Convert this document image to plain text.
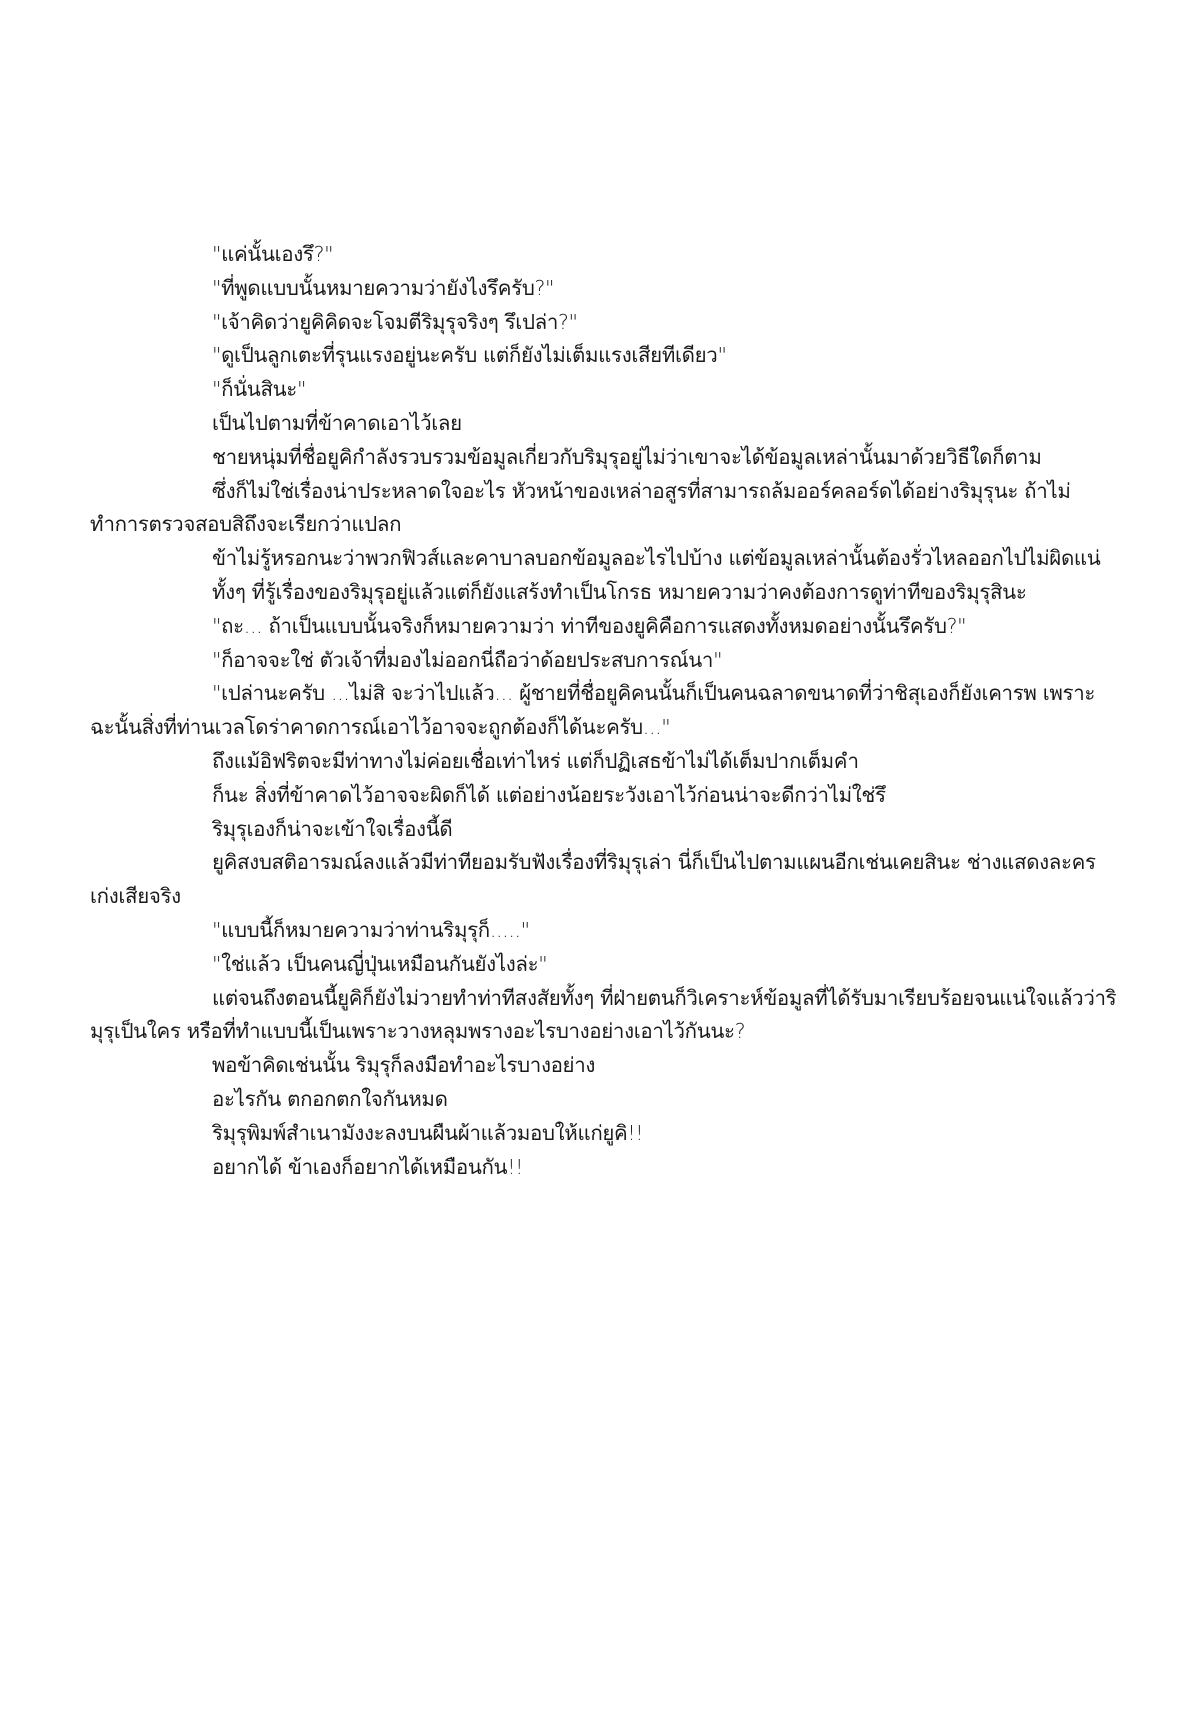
"แค่นั้นเองรึ?"

"ที่พูดแบบนั้นหมายความว่ายังไงรึครับ?"

"เจ้าคิดว่ายูคิคิดจะโจมตีริมุรุจริงๆ รึเปล่า?"

"ดูเป็นลูกเตะที่รุนแรงอยู่นะครับ แต่ก็ยังไม่เต็มแรงเสียทีเดียว"

"ก็นั่นสินะ"

เป็นไปตามที่ข้าคาดเอาไว้เลย

ชายหนุ่มที่ชื่อยูคิกำลังรวบรวมข้อมูลเกี่ยวกับริมุรุอยู่ไม่ว่าเขาจะได้ข้อมูลเหล่านั้นมาด้วยวิธีใดก็ตาม

ซึ่งก็ไม่ใช่เรื่องน่าประหลาดใจอะไร หัวหน้าของเหล่าอสูรที่สามารถล้มออร์คลอร์ดได้อย่างริมุรุนะ ถ้าไม่ทำการตรวจสอบสิถึงจะเรียกว่าแปลก

ข้าไม่รู้หรอกนะว่าพวกฟิวส์และคาบาลบอกข้อมูลอะไรไปบ้าง แต่ข้อมูลเหล่านั้นต้องรั่วไหลออกไปไม่ผิดแน่

ทั้งๆ ที่รู้เรื่องของริมุรุอยู่แล้วแต่ก็ยังแสร้งทำเป็นโกรธ หมายความว่าคงต้องการดูท่าทีของริมุรุสินะ

"ถะ... ถ้าเป็นแบบนั้นจริงก็หมายความว่า ท่าทีของยูคิคือการแสดงทั้งหมดอย่างนั้นรึครับ?"

"ก็อาจจะใช่ ตัวเจ้าที่มองไม่ออกนี่ถือว่าด้อยประสบการณ์นา"

"เปล่านะครับ ...ไม่สิ จะว่าไปแล้ว... ผู้ชายที่ชื่อยูคิคนนั้นก็เป็นคนฉลาดขนาดที่ว่าชิสุเองก็ยังเคารพ เพราะฉะนั้นสิ่งที่ท่านเวลโดร่าคาดการณ์เอาไว้อาจจะถูกต้องก็ได้นะครับ..."

ถึงแม้อิฟริตจะมีท่าทางไม่ค่อยเชื่อเท่าไหร่ แต่ก็ปฏิเสธข้าไม่ได้เต็มปากเต็มคำ

ก็นะ สิ่งที่ข้าคาดไว้อาจจะผิดก็ได้ แต่อย่างน้อยระวังเอาไว้ก่อนน่าจะดีกว่าไม่ใช่รึ

ริมุรุเองก็น่าจะเข้าใจเรื่องนี้ดี

ยูคิสงบสติอารมณ์ลงแล้วมีท่าทียอมรับฟังเรื่องที่ริมุรุเล่า นี่ก็เป็นไปตามแผนอีกเช่นเคยสินะ ช่างแสดงละครเก่งเสียจริง

"แบบนี้ก็หมายความว่าท่านริมุรุก็....."

"ใช่แล้ว เป็นคนญี่ปุ่นเหมือนกันยังไงล่ะ"

แต่จนถึงตอนนี้ยูคิก็ยังไม่วายทำท่าทีสงสัยทั้งๆ ที่ฝ่ายตนก็วิเคราะห์ข้อมูลที่ได้รับมาเรียบร้อยจนแน่ใจแล้วว่าริมุรุเป็นใคร หรือที่ทำแบบนี้เป็นเพราะวางหลุมพรางอะไรบางอย่างเอาไว้กันนะ?

พอข้าคิดเช่นนั้น ริมุรุก็ลงมือทำอะไรบางอย่าง

อะไรกัน ตกอกตกใจกันหมด

ริมุรุพิมพ์สำเนามังงะลงบนผืนผ้าแล้วมอบให้แก่ยูคิ!!

อยากได้ ข้าเองก็อยากได้เหมือนกัน!!
